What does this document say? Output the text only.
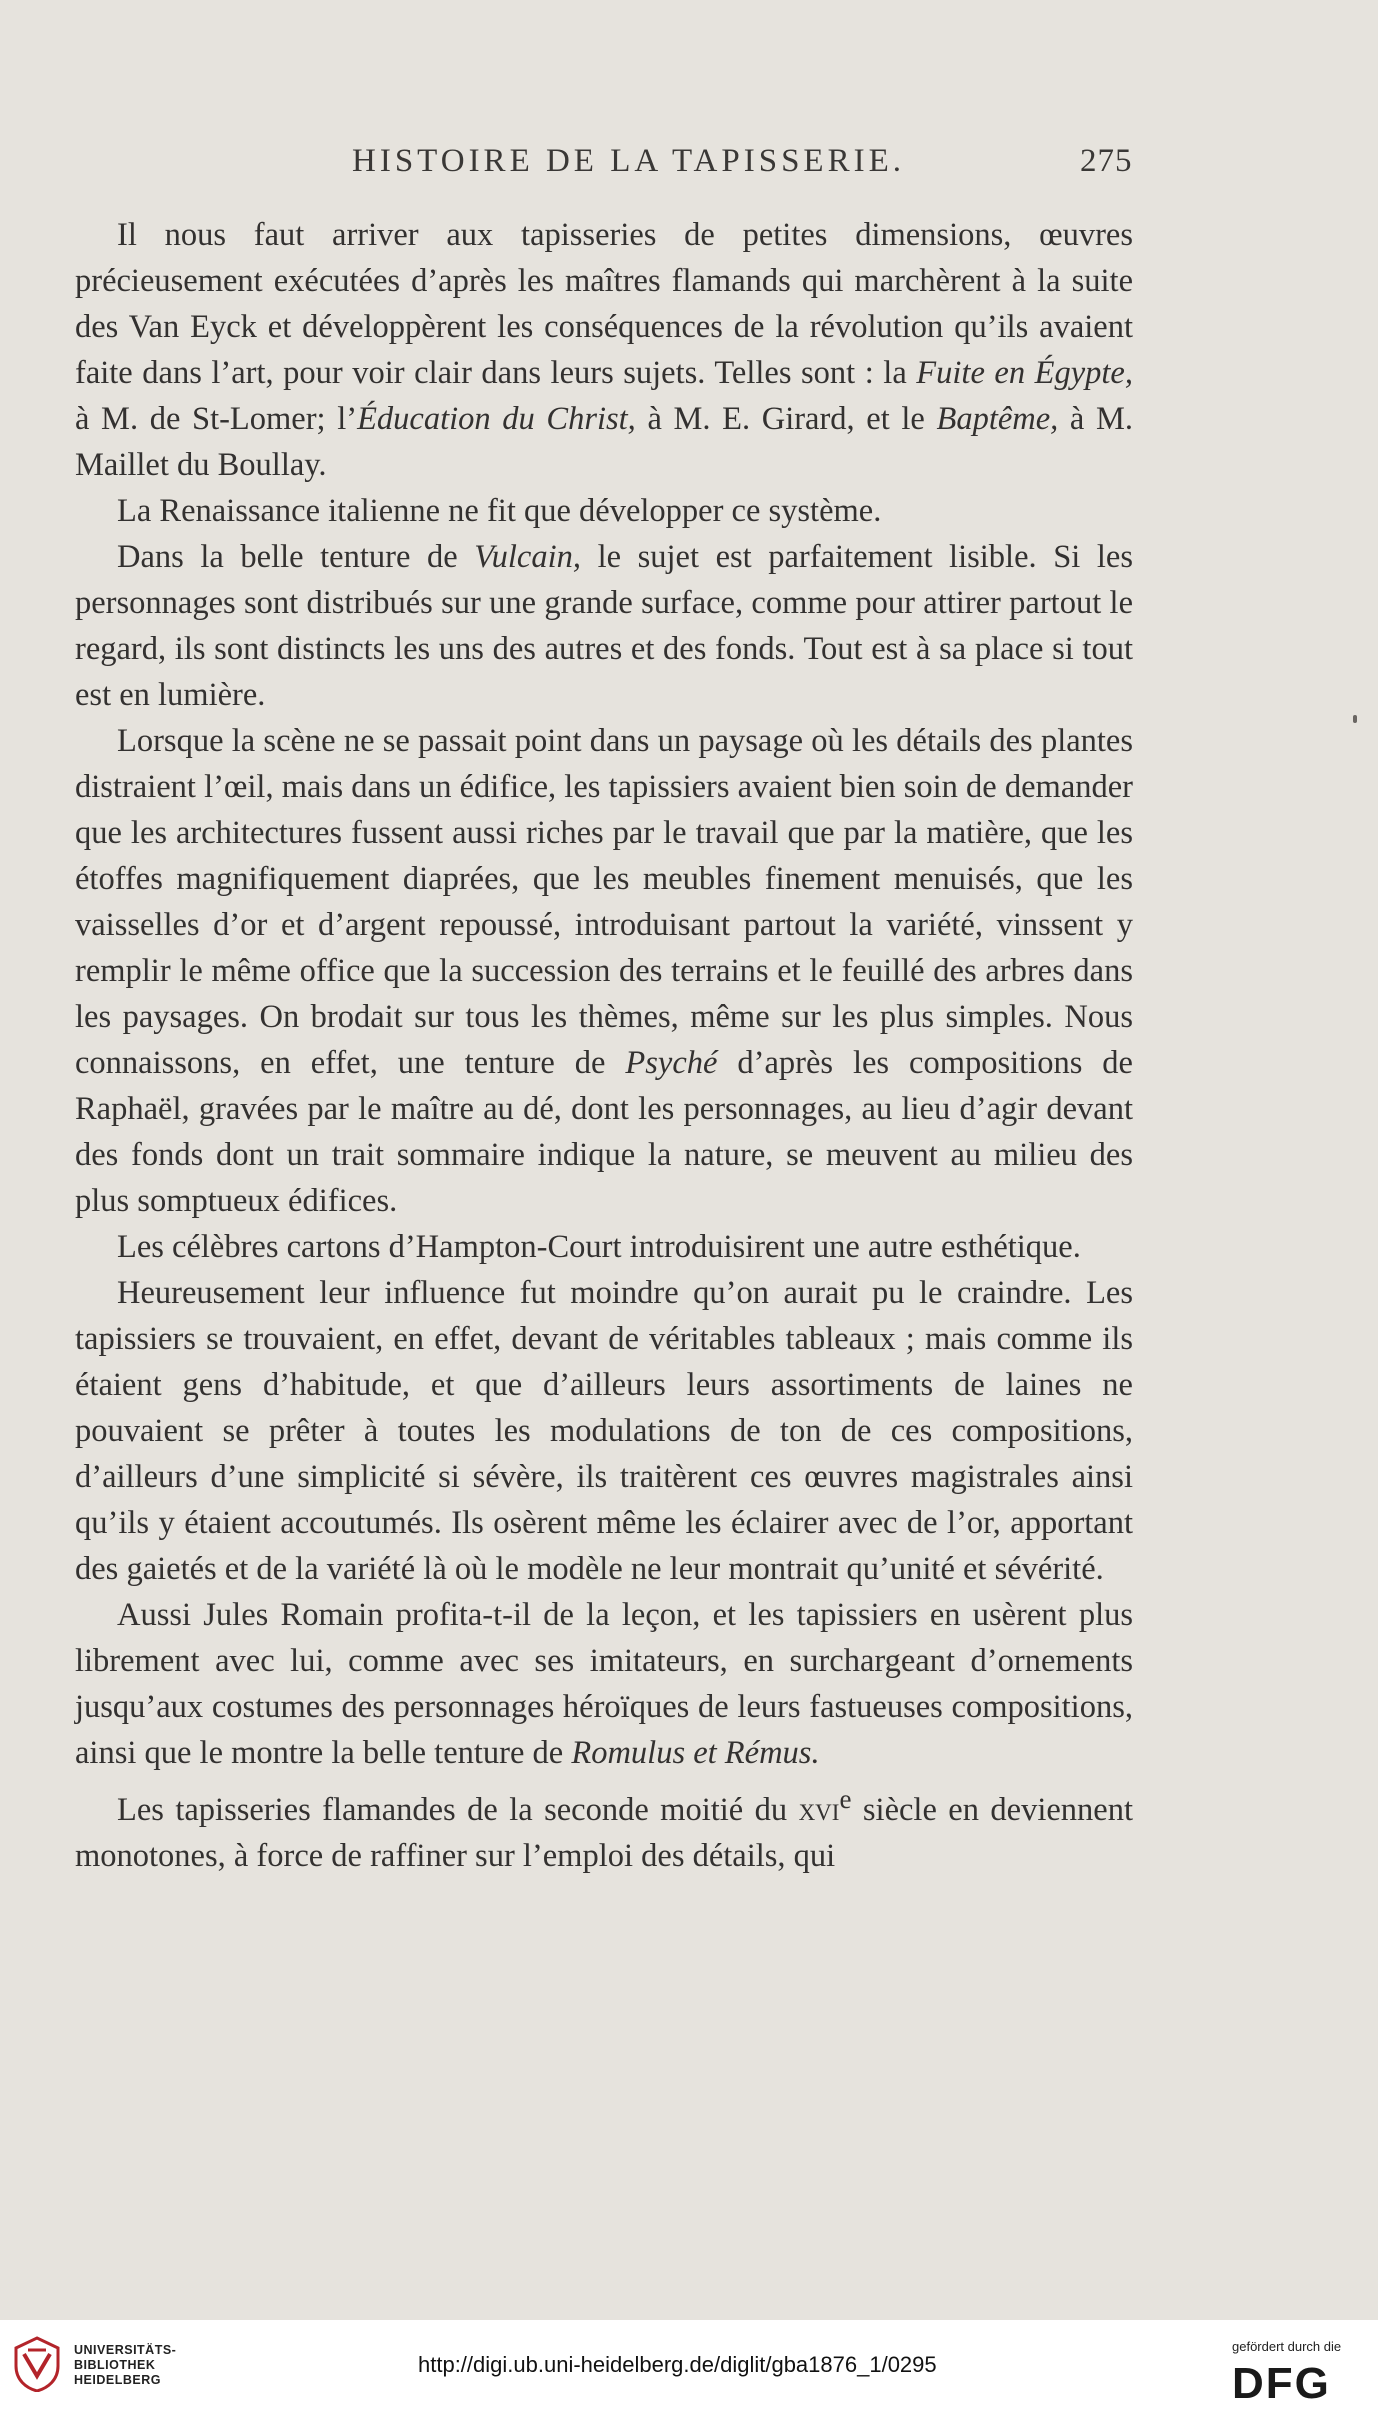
HISTOIRE DE LA TAPISSERIE.	275

Il nous faut arriver aux tapisseries de petites dimensions, œuvres précieusement exécutées d’après les maîtres flamands qui marchèrent à la suite des Van Eyck et développèrent les conséquences de la révolution qu’ils avaient faite dans l’art, pour voir clair dans leurs sujets. Telles sont : la Fuite en Égypte, à M. de St-Lomer; l’Éducation du Christ, à M. E. Girard, et le Baptême, à M. Maillet du Boullay.

La Renaissance italienne ne fit que développer ce système.

Dans la belle tenture de Vulcain, le sujet est parfaitement lisible. Si les personnages sont distribués sur une grande surface, comme pour attirer partout le regard, ils sont distincts les uns des autres et des fonds. Tout est à sa place si tout est en lumière.

Lorsque la scène ne se passait point dans un paysage où les détails des plantes distraient l’œil, mais dans un édifice, les tapissiers avaient bien soin de demander que les architectures fussent aussi riches par le travail que par la matière, que les étoffes magnifiquement diaprées, que les meubles finement menuisés, que les vaisselles d’or et d’argent repoussé, introduisant partout la variété, vinssent y remplir le même office que la succession des terrains et le feuillé des arbres dans les paysages. On brodait sur tous les thèmes, même sur les plus simples. Nous connaissons, en effet, une tenture de Psyché d’après les compositions de Raphaël, gravées par le maître au dé, dont les personnages, au lieu d’agir devant des fonds dont un trait sommaire indique la nature, se meuvent au milieu des plus somptueux édifices.

Les célèbres cartons d’Hampton-Court introduisirent une autre esthétique.

Heureusement leur influence fut moindre qu’on aurait pu le craindre. Les tapissiers se trouvaient, en effet, devant de véritables tableaux ; mais comme ils étaient gens d’habitude, et que d’ailleurs leurs assortiments de laines ne pouvaient se prêter à toutes les modulations de ton de ces compositions, d’ailleurs d’une simplicité si sévère, ils traitèrent ces œuvres magistrales ainsi qu’ils y étaient accoutumés. Ils osèrent même les éclairer avec de l’or, apportant des gaietés et de la variété là où le modèle ne leur montrait qu’unité et sévérité.

Aussi Jules Romain profita-t-il de la leçon, et les tapissiers en usèrent plus librement avec lui, comme avec ses imitateurs, en surchargeant d’ornements jusqu’aux costumes des personnages héroïques de leurs fastueuses compositions, ainsi que le montre la belle tenture de Romulus et Rémus.

Les tapisseries flamandes de la seconde moitié du xvi$^e$ siècle en deviennent monotones, à force de raffiner sur l’emploi des détails, qui

UNIVERSITÄTS-
BIBLIOTHEK
HEIDELBERG
http://digi.ub.uni-heidelberg.de/diglit/gba1876_1/0295
gefördert durch die
DFG
